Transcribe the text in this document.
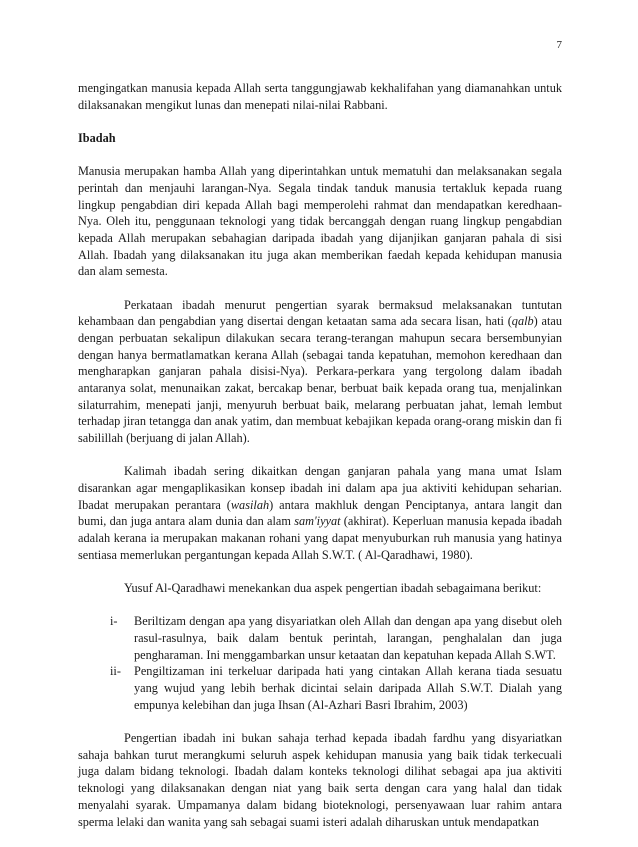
7

mengingatkan manusia kepada Allah serta tanggungjawab kekhalifahan yang diamanahkan untuk dilaksanakan mengikut lunas dan menepati nilai-nilai Rabbani.

Ibadah

Manusia merupakan hamba Allah yang diperintahkan untuk mematuhi dan melaksanakan segala perintah dan menjauhi larangan-Nya. Segala tindak tanduk manusia tertakluk kepada ruang lingkup pengabdian diri kepada Allah bagi memperolehi rahmat dan mendapatkan keredhaan-Nya. Oleh itu, penggunaan teknologi yang tidak bercanggah dengan ruang lingkup pengabdian kepada Allah merupakan sebahagian daripada ibadah yang dijanjikan ganjaran pahala di sisi Allah. Ibadah yang dilaksanakan itu juga akan memberikan faedah kepada kehidupan manusia dan alam semesta.

Perkataan ibadah menurut pengertian syarak bermaksud melaksanakan tuntutan kehambaan dan pengabdian yang disertai dengan ketaatan sama ada secara lisan, hati (qalb) atau dengan perbuatan sekalipun dilakukan secara terang-terangan mahupun secara bersembunyian dengan hanya bermatlamatkan kerana Allah (sebagai tanda kepatuhan, memohon keredhaan dan mengharapkan ganjaran pahala disisi-Nya). Perkara-perkara yang tergolong dalam ibadah antaranya solat, menunaikan zakat, bercakap benar, berbuat baik kepada orang tua, menjalinkan silaturrahim, menepati janji, menyuruh berbuat baik, melarang perbuatan jahat, lemah lembut terhadap jiran tetangga dan anak yatim, dan membuat kebajikan kepada orang-orang miskin dan fi sabilillah (berjuang di jalan Allah).

Kalimah ibadah sering dikaitkan dengan ganjaran pahala yang mana umat Islam disarankan agar mengaplikasikan konsep ibadah ini dalam apa jua aktiviti kehidupan seharian. Ibadat merupakan perantara (wasilah) antara makhluk dengan Penciptanya, antara langit dan bumi, dan juga antara alam dunia dan alam sam'iyyat (akhirat). Keperluan manusia kepada ibadah adalah kerana ia merupakan makanan rohani yang dapat menyuburkan ruh manusia yang hatinya sentiasa memerlukan pergantungan kepada Allah S.W.T. ( Al-Qaradhawi, 1980).

Yusuf Al-Qaradhawi menekankan dua aspek pengertian ibadah sebagaimana berikut:

i- Beriltizam dengan apa yang disyariatkan oleh Allah dan dengan apa yang disebut oleh rasul-rasulnya, baik dalam bentuk perintah, larangan, penghalalan dan juga pengharaman. Ini menggambarkan unsur ketaatan dan kepatuhan kepada Allah S.WT.
ii- Pengiltizaman ini terkeluar daripada hati yang cintakan Allah kerana tiada sesuatu yang wujud yang lebih berhak dicintai selain daripada Allah S.W.T. Dialah yang empunya kelebihan dan juga Ihsan (Al-Azhari Basri Ibrahim, 2003)

Pengertian ibadah ini bukan sahaja terhad kepada ibadah fardhu yang disyariatkan sahaja bahkan turut merangkumi seluruh aspek kehidupan manusia yang baik tidak terkecuali juga dalam bidang teknologi. Ibadah dalam konteks teknologi dilihat sebagai apa jua aktiviti teknologi yang dilaksanakan dengan niat yang baik serta dengan cara yang halal dan tidak menyalahi syarak. Umpamanya dalam bidang bioteknologi, persenyawaan luar rahim antara sperma lelaki dan wanita yang sah sebagai suami isteri adalah diharuskan untuk mendapatkan
